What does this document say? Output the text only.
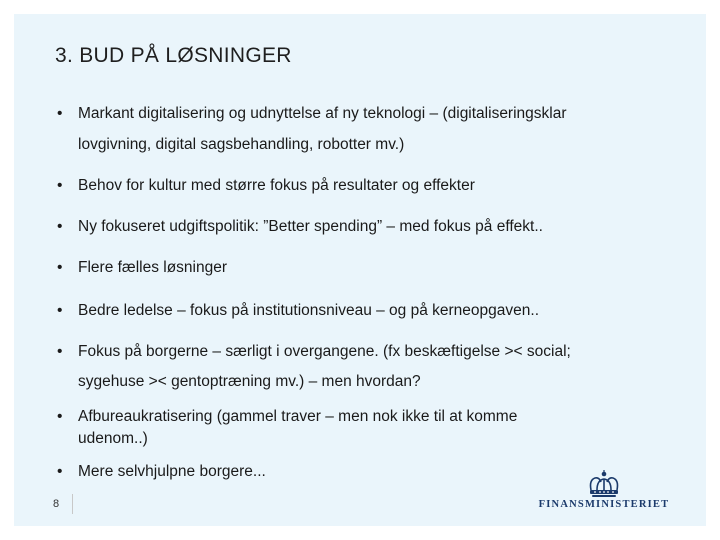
3. BUD PÅ LØSNINGER
• Markant digitalisering og udnyttelse af ny teknologi – (digitaliseringsklar
lovgivning, digital sagsbehandling, robotter mv.)
• Behov for kultur med større fokus på resultater og effekter
• Ny fokuseret udgiftspolitik: ”Better spending” – med fokus på effekt..
• Flere fælles løsninger
• Bedre ledelse – fokus på institutionsniveau – og på kerneopgaven..
• Fokus på borgerne – særligt i overgangene. (fx beskæftigelse >< social;
sygehuse >< gentoptræning mv.) – men hvordan?
• Afbureaukratisering (gammel traver – men nok ikke til at komme
udenom..)
• Mere selvhjulpne borgere...
8	FINANSMINISTERIET
